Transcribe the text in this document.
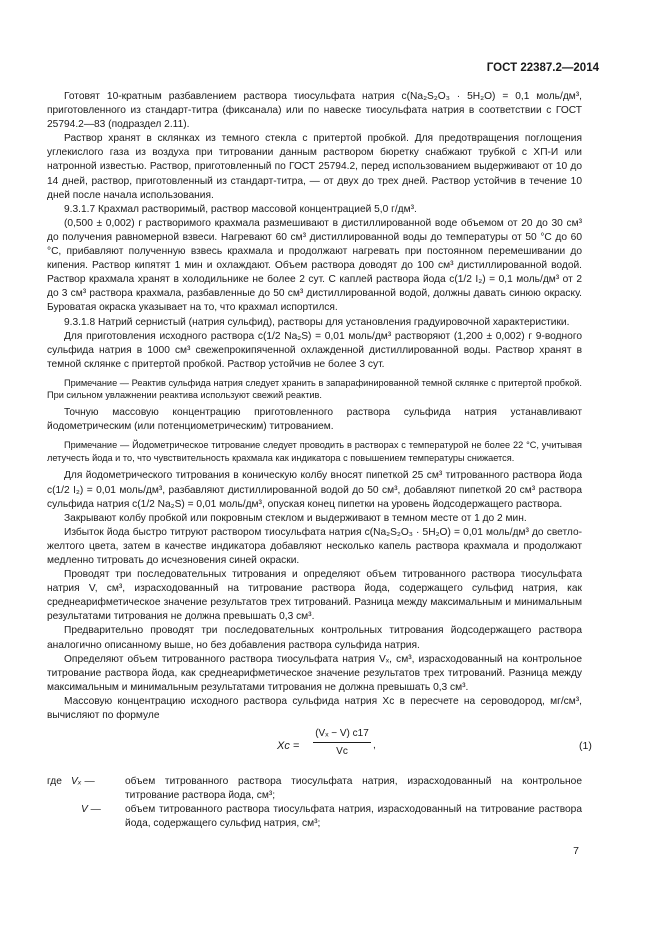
ГОСТ 22387.2—2014

Готовят 10-кратным разбавлением раствора тиосульфата натрия c(Na₂S₂O₃ · 5H₂O) = 0,1 моль/дм³, приготовленного из стандарт-титра (фиксанала) или по навеске тиосульфата натрия в соответствии с ГОСТ 25794.2—83 (подраздел 2.11).

Раствор хранят в склянках из темного стекла с притертой пробкой. Для предотвращения поглощения углекислого газа из воздуха при титровании данным раствором бюретку снабжают трубкой с ХП-И или натронной известью. Раствор, приготовленный по ГОСТ 25794.2, перед использованием выдерживают от 10 до 14 дней, раствор, приготовленный из стандарт-титра, — от двух до трех дней. Раствор устойчив в течение 10 дней после начала использования.

9.3.1.7 Крахмал растворимый, раствор массовой концентрацией 5,0 г/дм³.

(0,500 ± 0,002) г растворимого крахмала размешивают в дистиллированной воде объемом от 20 до 30 см³ до получения равномерной взвеси. Нагревают 60 см³ дистиллированной воды до температуры от 50 °С до 60 °С, прибавляют полученную взвесь крахмала и продолжают нагревать при постоянном перемешивании до кипения. Раствор кипятят 1 мин и охлаждают. Объем раствора доводят до 100 см³ дистиллированной водой. Раствор крахмала хранят в холодильнике не более 2 сут. С каплей раствора йода c(1/2 I₂) = 0,1 моль/дм³ от 2 до 3 см³ раствора крахмала, разбавленные до 50 см³ дистиллированной водой, должны давать синюю окраску. Буроватая окраска указывает на то, что крахмал испортился.

9.3.1.8 Натрий сернистый (натрия сульфид), растворы для установления градуировочной характеристики.

Для приготовления исходного раствора c(1/2 Na₂S) = 0,01 моль/дм³ растворяют (1,200 ± 0,002) г 9-водного сульфида натрия в 1000 см³ свежепрокипяченной охлажденной дистиллированной воды. Раствор хранят в темной склянке с притертой пробкой. Раствор устойчив не более 3 сут.

Примечание — Реактив сульфида натрия следует хранить в запарафинированной темной склянке с притертой пробкой. При сильном увлажнении реактива используют свежий реактив.

Точную массовую концентрацию приготовленного раствора сульфида натрия устанавливают йодометрическим (или потенциометрическим) титрованием.

Примечание — Йодометрическое титрование следует проводить в растворах с температурой не более 22 °С, учитывая летучесть йода и то, что чувствительность крахмала как индикатора с повышением температуры снижается.

Для йодометрического титрования в коническую колбу вносят пипеткой 25 см³ титрованного раствора йода c(1/2 I₂) = 0,01 моль/дм³, разбавляют дистиллированной водой до 50 см³, добавляют пипеткой 20 см³ раствора сульфида натрия c(1/2 Na₂S) = 0,01 моль/дм³, опуская конец пипетки на уровень йодсодержащего раствора.

Закрывают колбу пробкой или покровным стеклом и выдерживают в темном месте от 1 до 2 мин.

Избыток йода быстро титруют раствором тиосульфата натрия c(Na₂S₂O₃ · 5H₂O) = 0,01 моль/дм³ до светло-желтого цвета, затем в качестве индикатора добавляют несколько капель раствора крахмала и продолжают медленно титровать до исчезновения синей окраски.

Проводят три последовательных титрования и определяют объем титрованного раствора тиосульфата натрия V, см³, израсходованный на титрование раствора йода, содержащего сульфид натрия, как среднеарифметическое значение результатов трех титрований. Разница между максимальным и минимальным результатами титрования не должна превышать 0,3 см³.

Предварительно проводят три последовательных контрольных титрования йодсодержащего раствора аналогично описанному выше, но без добавления раствора сульфида натрия.

Определяют объем титрованного раствора тиосульфата натрия Vₓ, см³, израсходованный на контрольное титрование раствора йода, как среднеарифметическое значение результатов трех титрований. Разница между максимальным и минимальным результатами титрования не должна превышать 0,3 см³.

Массовую концентрацию исходного раствора сульфида натрия Xc в пересчете на сероводород, мг/см³, вычисляют по формуле

$Xc = \frac{\text{(Vₓ − V) c17}}{Vc}$ ,	(1)
где Vₓ —	объем титрованного раствора тиосульфата натрия, израсходованный на контрольное титрование раствора йода, см³;
V — объем титрованного раствора тиосульфата натрия, израсходованный на титрование раствора йода, содержащего сульфид натрия, см³;
7
